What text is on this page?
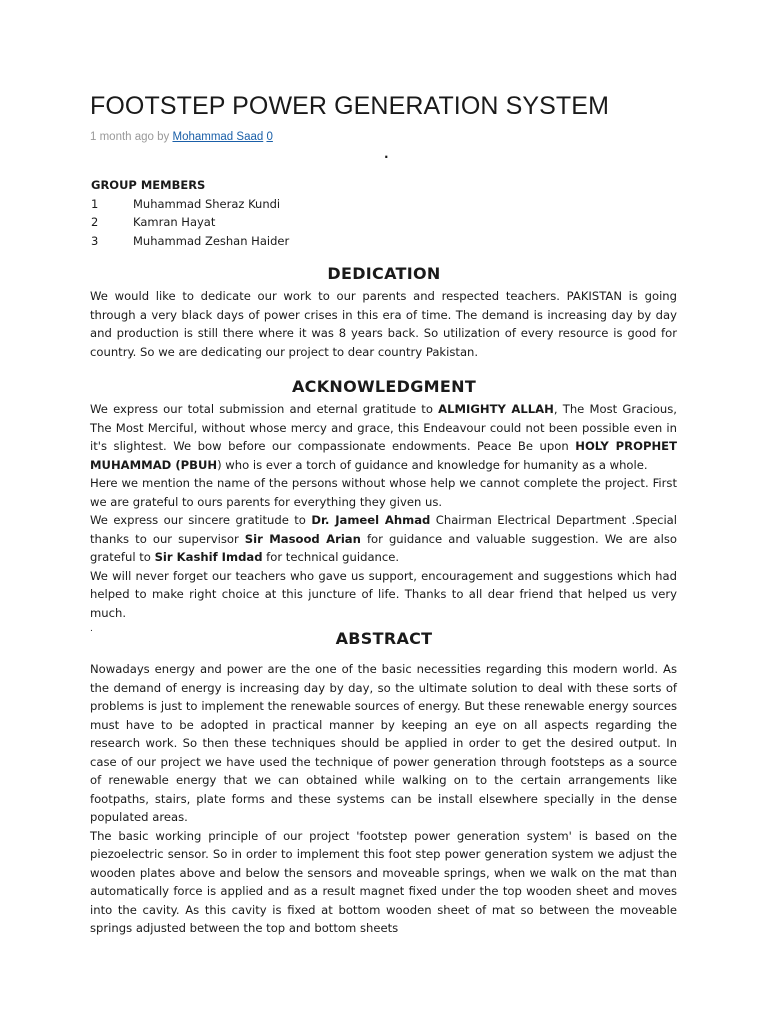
FOOTSTEP POWER GENERATION SYSTEM
1 month ago by Mohammad Saad 0
.
GROUP MEMBERS
1	Muhammad Sheraz Kundi
2	Kamran Hayat
3	Muhammad Zeshan Haider
DEDICATION

We would like to dedicate our work to our parents and respected teachers. PAKISTAN is going through a very black days of power crises in this era of time. The demand is increasing day by day and production is still there where it was 8 years back. So utilization of every resource is good for country. So we are dedicating our project to dear country Pakistan.

ACKNOWLEDGMENT

We express our total submission and eternal gratitude to ALMIGHTY ALLAH, The Most Gracious, The Most Merciful, without whose mercy and grace, this Endeavour could not been possible even in it's slightest. We bow before our compassionate endowments. Peace Be upon HOLY PROPHET MUHAMMAD (PBUH) who is ever a torch of guidance and knowledge for humanity as a whole.

Here we mention the name of the persons without whose help we cannot complete the project. First we are grateful to ours parents for everything they given us.

We express our sincere gratitude to Dr. Jameel Ahmad Chairman Electrical Department .Special thanks to our supervisor Sir Masood Arian for guidance and valuable suggestion. We are also grateful to Sir Kashif Imdad for technical guidance.

We will never forget our teachers who gave us support, encouragement and suggestions which had helped to make right choice at this juncture of life. Thanks to all dear friend that helped us very much.

.	ABSTRACT

Nowadays energy and power are the one of the basic necessities regarding this modern world. As the demand of energy is increasing day by day, so the ultimate solution to deal with these sorts of problems is just to implement the renewable sources of energy. But these renewable energy sources must have to be adopted in practical manner by keeping an eye on all aspects regarding the research work. So then these techniques should be applied in order to get the desired output. In case of our project we have used the technique of power generation through footsteps as a source of renewable energy that we can obtained while walking on to the certain arrangements like footpaths, stairs, plate forms and these systems can be install elsewhere specially in the dense populated areas.

The basic working principle of our project 'footstep power generation system' is based on the piezoelectric sensor. So in order to implement this foot step power generation system we adjust the wooden plates above and below the sensors and moveable springs, when we walk on the mat than automatically force is applied and as a result magnet fixed under the top wooden sheet and moves into the cavity. As this cavity is fixed at bottom wooden sheet of mat so between the moveable springs adjusted between the top and bottom sheets
